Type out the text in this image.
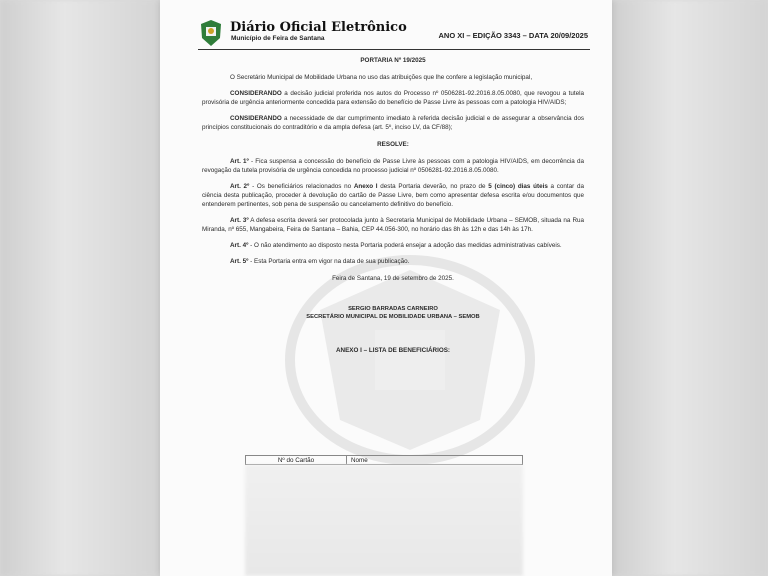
Diário Oficial Eletrônico
Município de Feira de Santana	ANO XI – EDIÇÃO 3343 – DATA 20/09/2025

PORTARIA Nº 19/2025

O Secretário Municipal de Mobilidade Urbana no uso das atribuições que lhe confere a legislação municipal,

CONSIDERANDO a decisão judicial proferida nos autos do Processo nº 0506281-92.2016.8.05.0080, que revogou a tutela provisória de urgência anteriormente concedida para extensão do benefício de Passe Livre às pessoas com a patologia HIV/AIDS;

CONSIDERANDO a necessidade de dar cumprimento imediato à referida decisão judicial e de assegurar a observância dos princípios constitucionais do contraditório e da ampla defesa (art. 5º, inciso LV, da CF/88);

RESOLVE:

Art. 1º - Fica suspensa a concessão do benefício de Passe Livre às pessoas com a patologia HIV/AIDS, em decorrência da revogação da tutela provisória de urgência concedida no processo judicial nº 0506281-92.2016.8.05.0080.

Art. 2º - Os beneficiários relacionados no Anexo I desta Portaria deverão, no prazo de 5 (cinco) dias úteis a contar da ciência desta publicação, proceder à devolução do cartão de Passe Livre, bem como apresentar defesa escrita e/ou documentos que entenderem pertinentes, sob pena de suspensão ou cancelamento definitivo do benefício.

Art. 3º A defesa escrita deverá ser protocolada junto à Secretaria Municipal de Mobilidade Urbana – SEMOB, situada na Rua Miranda, nº 655, Mangabeira, Feira de Santana – Bahia, CEP 44.056-300, no horário das 8h às 12h e das 14h às 17h.

Art. 4º - O não atendimento ao disposto nesta Portaria poderá ensejar a adoção das medidas administrativas cabíveis.

Art. 5º - Esta Portaria entra em vigor na data de sua publicação.

Feira de Santana, 19 de setembro de 2025.

SERGIO BARRADAS CARNEIRO
SECRETÁRIO MUNICIPAL DE MOBILIDADE URBANA – SEMOB
ANEXO I – LISTA DE BENEFICIÁRIOS:
Nº do Cartão	Nome
